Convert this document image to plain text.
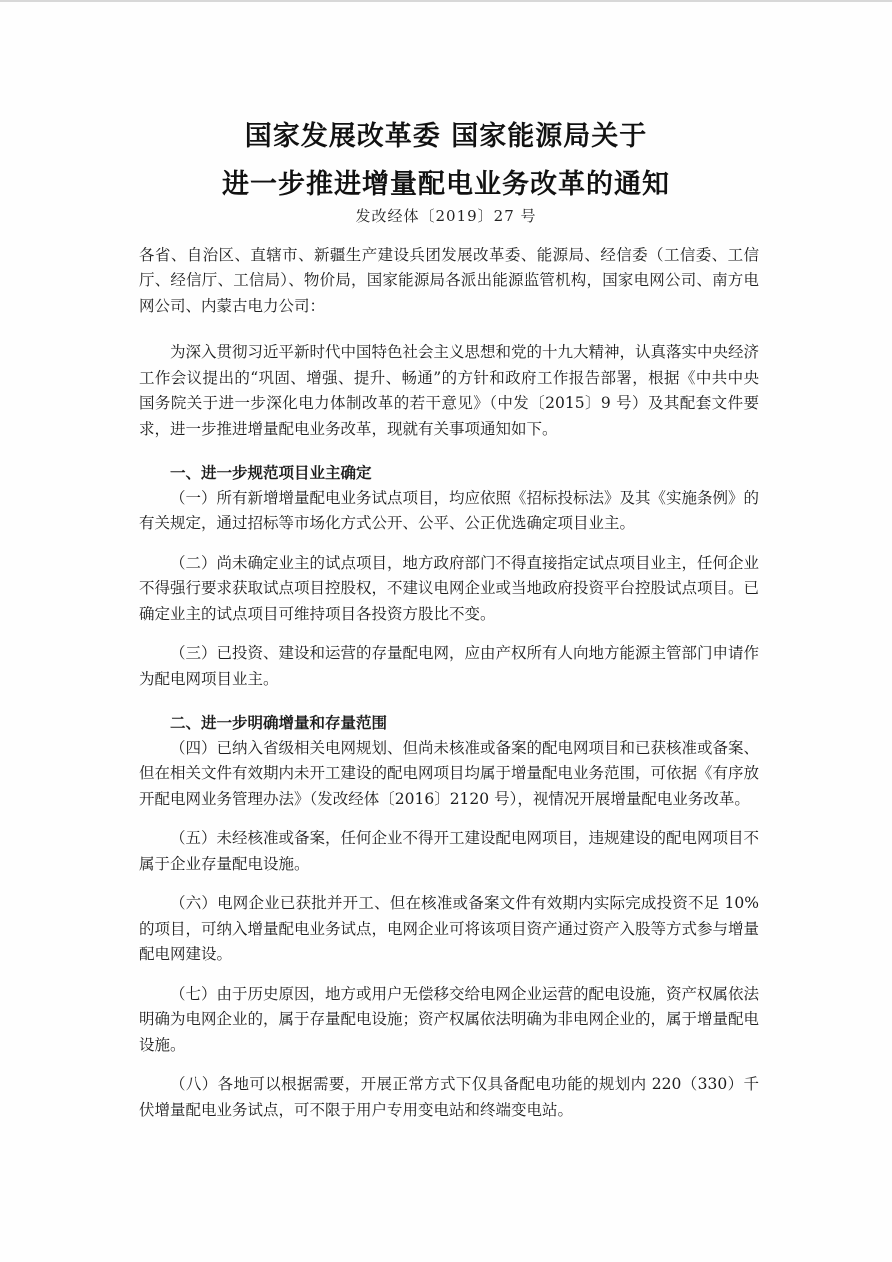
国家发展改革委 国家能源局关于
进一步推进增量配电业务改革的通知
发改经体〔2019〕27 号

各省、自治区、直辖市、新疆生产建设兵团发展改革委、能源局、经信委（工信委、工信厅、经信厅、工信局）、物价局，国家能源局各派出能源监管机构，国家电网公司、南方电网公司、内蒙古电力公司：

为深入贯彻习近平新时代中国特色社会主义思想和党的十九大精神，认真落实中央经济工作会议提出的“巩固、增强、提升、畅通”的方针和政府工作报告部署，根据《中共中央 国务院关于进一步深化电力体制改革的若干意见》（中发〔2015〕9 号）及其配套文件要求，进一步推进增量配电业务改革，现就有关事项通知如下。

一、进一步规范项目业主确定

（一）所有新增增量配电业务试点项目，均应依照《招标投标法》及其《实施条例》的有关规定，通过招标等市场化方式公开、公平、公正优选确定项目业主。

（二）尚未确定业主的试点项目，地方政府部门不得直接指定试点项目业主，任何企业不得强行要求获取试点项目控股权，不建议电网企业或当地政府投资平台控股试点项目。已确定业主的试点项目可维持项目各投资方股比不变。

（三）已投资、建设和运营的存量配电网，应由产权所有人向地方能源主管部门申请作为配电网项目业主。

二、进一步明确增量和存量范围

（四）已纳入省级相关电网规划、但尚未核准或备案的配电网项目和已获核准或备案、但在相关文件有效期内未开工建设的配电网项目均属于增量配电业务范围，可依据《有序放开配电网业务管理办法》（发改经体〔2016〕2120 号），视情况开展增量配电业务改革。

（五）未经核准或备案，任何企业不得开工建设配电网项目，违规建设的配电网项目不属于企业存量配电设施。

（六）电网企业已获批并开工、但在核准或备案文件有效期内实际完成投资不足 10%的项目，可纳入增量配电业务试点，电网企业可将该项目资产通过资产入股等方式参与增量配电网建设。

（七）由于历史原因，地方或用户无偿移交给电网企业运营的配电设施，资产权属依法明确为电网企业的，属于存量配电设施；资产权属依法明确为非电网企业的，属于增量配电设施。

（八）各地可以根据需要，开展正常方式下仅具备配电功能的规划内 220（330）千伏增量配电业务试点，可不限于用户专用变电站和终端变电站。
